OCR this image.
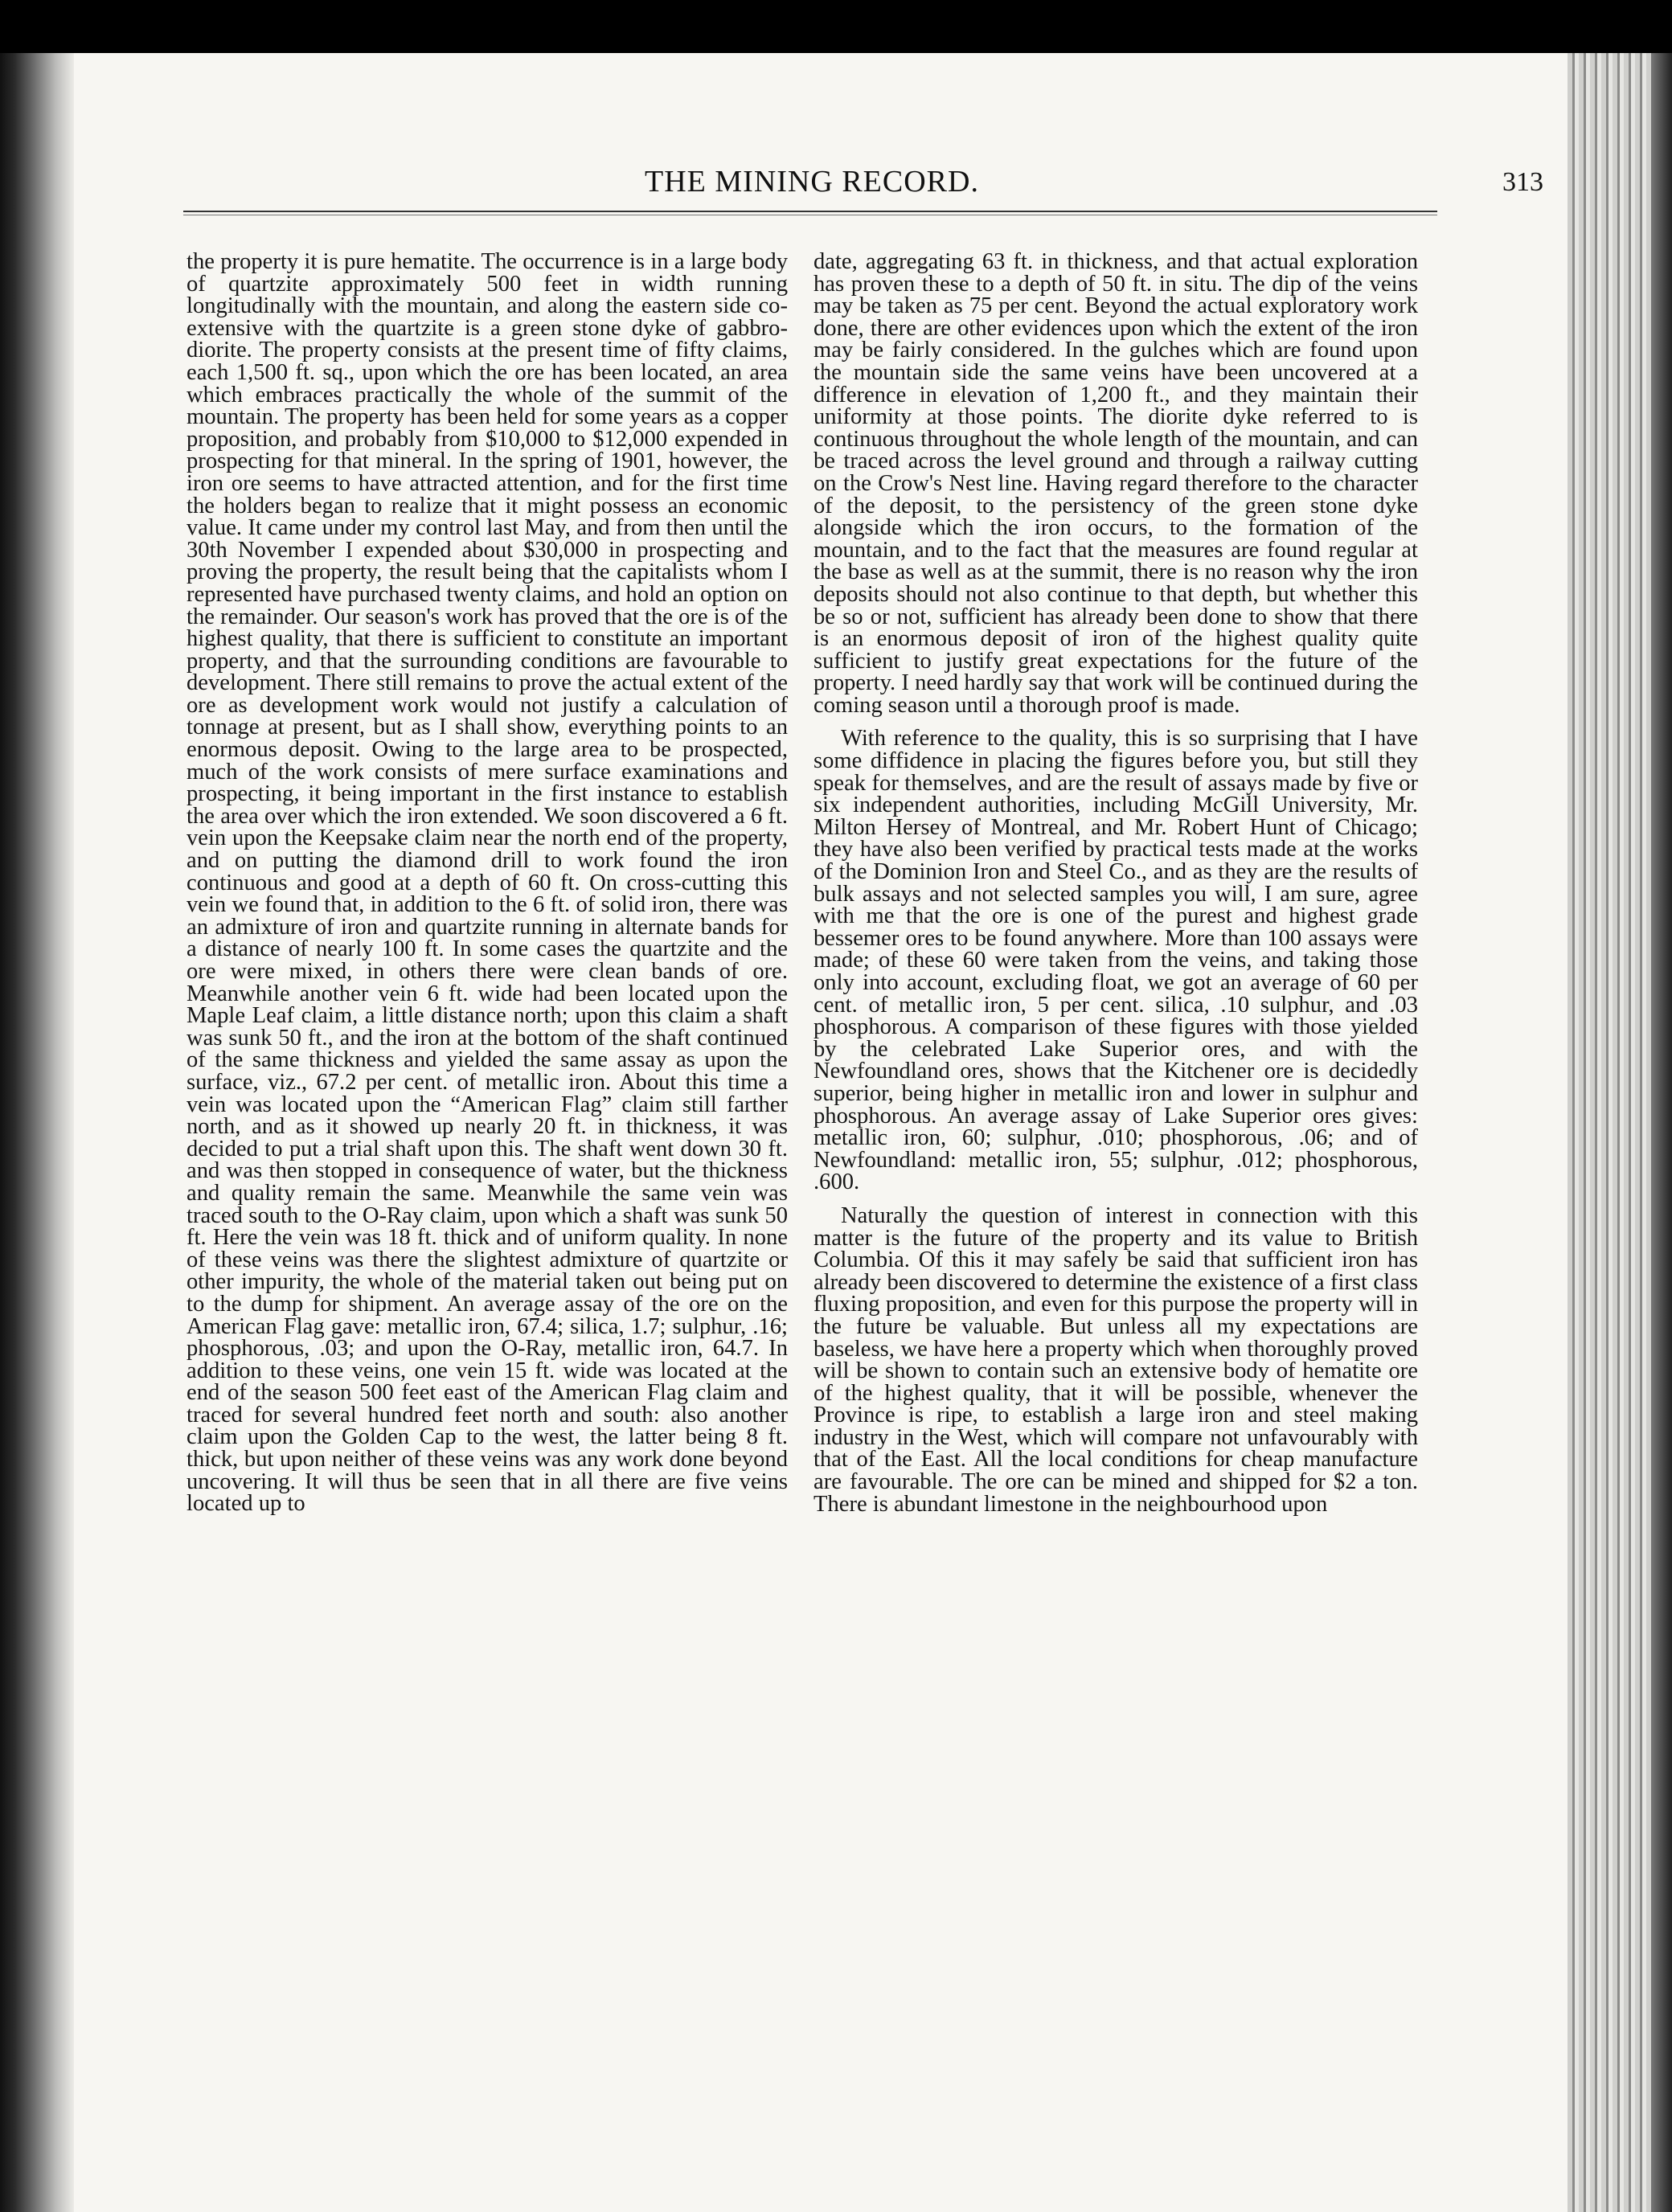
THE MINING RECORD.	313

the property it is pure hematite. The occurrence is in a large body of quartzite approximately 500 feet in width running longitudinally with the mountain, and along the eastern side co-extensive with the quartzite is a green stone dyke of gabbro-diorite. The property consists at the present time of fifty claims, each 1,500 ft. sq., upon which the ore has been located, an area which embraces practically the whole of the summit of the mountain. The property has been held for some years as a copper proposition, and probably from $10,000 to $12,000 expended in prospecting for that mineral. In the spring of 1901, however, the iron ore seems to have attracted attention, and for the first time the holders began to realize that it might possess an economic value. It came under my control last May, and from then until the 30th November I expended about $30,000 in prospecting and proving the property, the result being that the capitalists whom I represented have purchased twenty claims, and hold an option on the remainder. Our season's work has proved that the ore is of the highest quality, that there is sufficient to constitute an important property, and that the surrounding conditions are favourable to development. There still remains to prove the actual extent of the ore as development work would not justify a calculation of tonnage at present, but as I shall show, everything points to an enormous deposit. Owing to the large area to be prospected, much of the work consists of mere surface examinations and prospecting, it being important in the first instance to establish the area over which the iron extended. We soon discovered a 6 ft. vein upon the Keepsake claim near the north end of the property, and on putting the diamond drill to work found the iron continuous and good at a depth of 60 ft. On cross-cutting this vein we found that, in addition to the 6 ft. of solid iron, there was an admixture of iron and quartzite running in alternate bands for a distance of nearly 100 ft. In some cases the quartzite and the ore were mixed, in others there were clean bands of ore. Meanwhile another vein 6 ft. wide had been located upon the Maple Leaf claim, a little distance north; upon this claim a shaft was sunk 50 ft., and the iron at the bottom of the shaft continued of the same thickness and yielded the same assay as upon the surface, viz., 67.2 per cent. of metallic iron. About this time a vein was located upon the “American Flag” claim still farther north, and as it showed up nearly 20 ft. in thickness, it was decided to put a trial shaft upon this. The shaft went down 30 ft. and was then stopped in consequence of water, but the thickness and quality remain the same. Meanwhile the same vein was traced south to the O-Ray claim, upon which a shaft was sunk 50 ft. Here the vein was 18 ft. thick and of uniform quality. In none of these veins was there the slightest admixture of quartzite or other impurity, the whole of the material taken out being put on to the dump for shipment. An average assay of the ore on the American Flag gave: metallic iron, 67.4; silica, 1.7; sulphur, .16; phosphorous, .03; and upon the O-Ray, metallic iron, 64.7. In addition to these veins, one vein 15 ft. wide was located at the end of the season 500 feet east of the American Flag claim and traced for several hundred feet north and south: also another claim upon the Golden Cap to the west, the latter being 8 ft. thick, but upon neither of these veins was any work done beyond uncovering. It will thus be seen that in all there are five veins located up to

date, aggregating 63 ft. in thickness, and that actual exploration has proven these to a depth of 50 ft. in situ. The dip of the veins may be taken as 75 per cent. Beyond the actual exploratory work done, there are other evidences upon which the extent of the iron may be fairly considered. In the gulches which are found upon the mountain side the same veins have been uncovered at a difference in elevation of 1,200 ft., and they maintain their uniformity at those points. The diorite dyke referred to is continuous throughout the whole length of the mountain, and can be traced across the level ground and through a railway cutting on the Crow's Nest line. Having regard therefore to the character of the deposit, to the persistency of the green stone dyke alongside which the iron occurs, to the formation of the mountain, and to the fact that the measures are found regular at the base as well as at the summit, there is no reason why the iron deposits should not also continue to that depth, but whether this be so or not, sufficient has already been done to show that there is an enormous deposit of iron of the highest quality quite sufficient to justify great expectations for the future of the property. I need hardly say that work will be continued during the coming season until a thorough proof is made.

With reference to the quality, this is so surprising that I have some diffidence in placing the figures before you, but still they speak for themselves, and are the result of assays made by five or six independent authorities, including McGill University, Mr. Milton Hersey of Montreal, and Mr. Robert Hunt of Chicago; they have also been verified by practical tests made at the works of the Dominion Iron and Steel Co., and as they are the results of bulk assays and not selected samples you will, I am sure, agree with me that the ore is one of the purest and highest grade bessemer ores to be found anywhere. More than 100 assays were made; of these 60 were taken from the veins, and taking those only into account, excluding float, we got an average of 60 per cent. of metallic iron, 5 per cent. silica, .10 sulphur, and .03 phosphorous. A comparison of these figures with those yielded by the celebrated Lake Superior ores, and with the Newfoundland ores, shows that the Kitchener ore is decidedly superior, being higher in metallic iron and lower in sulphur and phosphorous. An average assay of Lake Superior ores gives: metallic iron, 60; sulphur, .010; phosphorous, .06; and of Newfoundland: metallic iron, 55; sulphur, .012; phosphorous, .600.

Naturally the question of interest in connection with this matter is the future of the property and its value to British Columbia. Of this it may safely be said that sufficient iron has already been discovered to determine the existence of a first class fluxing proposition, and even for this purpose the property will in the future be valuable. But unless all my expectations are baseless, we have here a property which when thoroughly proved will be shown to contain such an extensive body of hematite ore of the highest quality, that it will be possible, whenever the Province is ripe, to establish a large iron and steel making industry in the West, which will compare not unfavourably with that of the East. All the local conditions for cheap manufacture are favourable. The ore can be mined and shipped for $2 a ton. There is abundant limestone in the neighbourhood upon
